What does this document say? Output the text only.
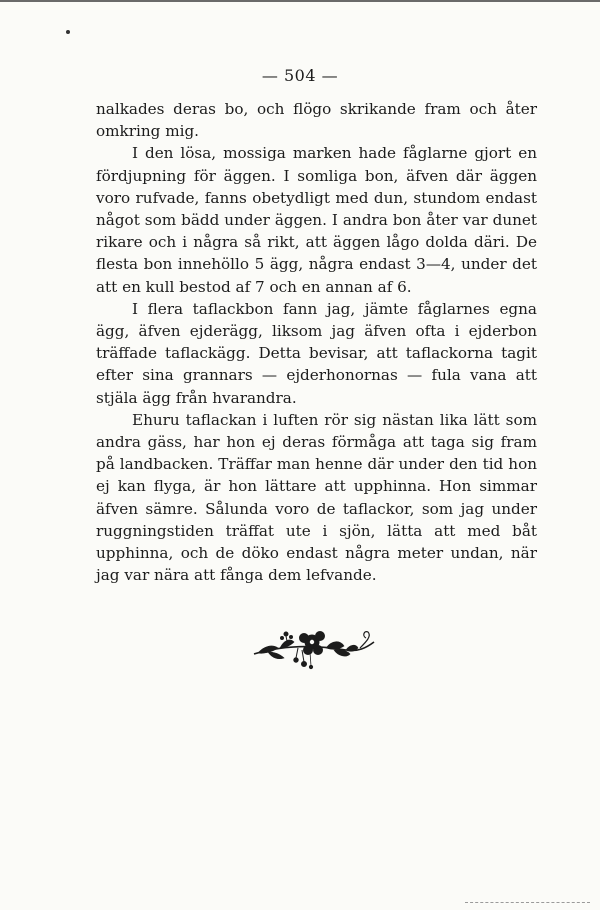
— 504 —

nalkades deras bo, och flögo skrikande fram och åter omkring mig.

I den lösa, mossiga marken hade fåglarne gjort en fördjupning för äggen. I somliga bon, äfven där äggen voro rufvade, fanns obetydligt med dun, stundom endast något som bädd under äggen. I andra bon åter var dunet rikare och i några så rikt, att äggen lågo dolda däri. De flesta bon innehöllo 5 ägg, några endast 3—4, under det att en kull bestod af 7 och en annan af 6.

I flera taflackbon fann jag, jämte fåglarnes egna ägg, äfven ejderägg, liksom jag äfven ofta i ejderbon träffade taflackägg. Detta bevisar, att taflackorna tagit efter sina grannars — ejderhonornas — fula vana att stjäla ägg från hvarandra.

Ehuru taflackan i luften rör sig nästan lika lätt som andra gäss, har hon ej deras förmåga att taga sig fram på landbacken. Träffar man henne där under den tid hon ej kan flyga, är hon lättare att upphinna. Hon simmar äfven sämre. Sålunda voro de taflackor, som jag under ruggningstiden träffat ute i sjön, lätta att med båt upphinna, och de döko endast några meter undan, när jag var nära att fånga dem lefvande.
